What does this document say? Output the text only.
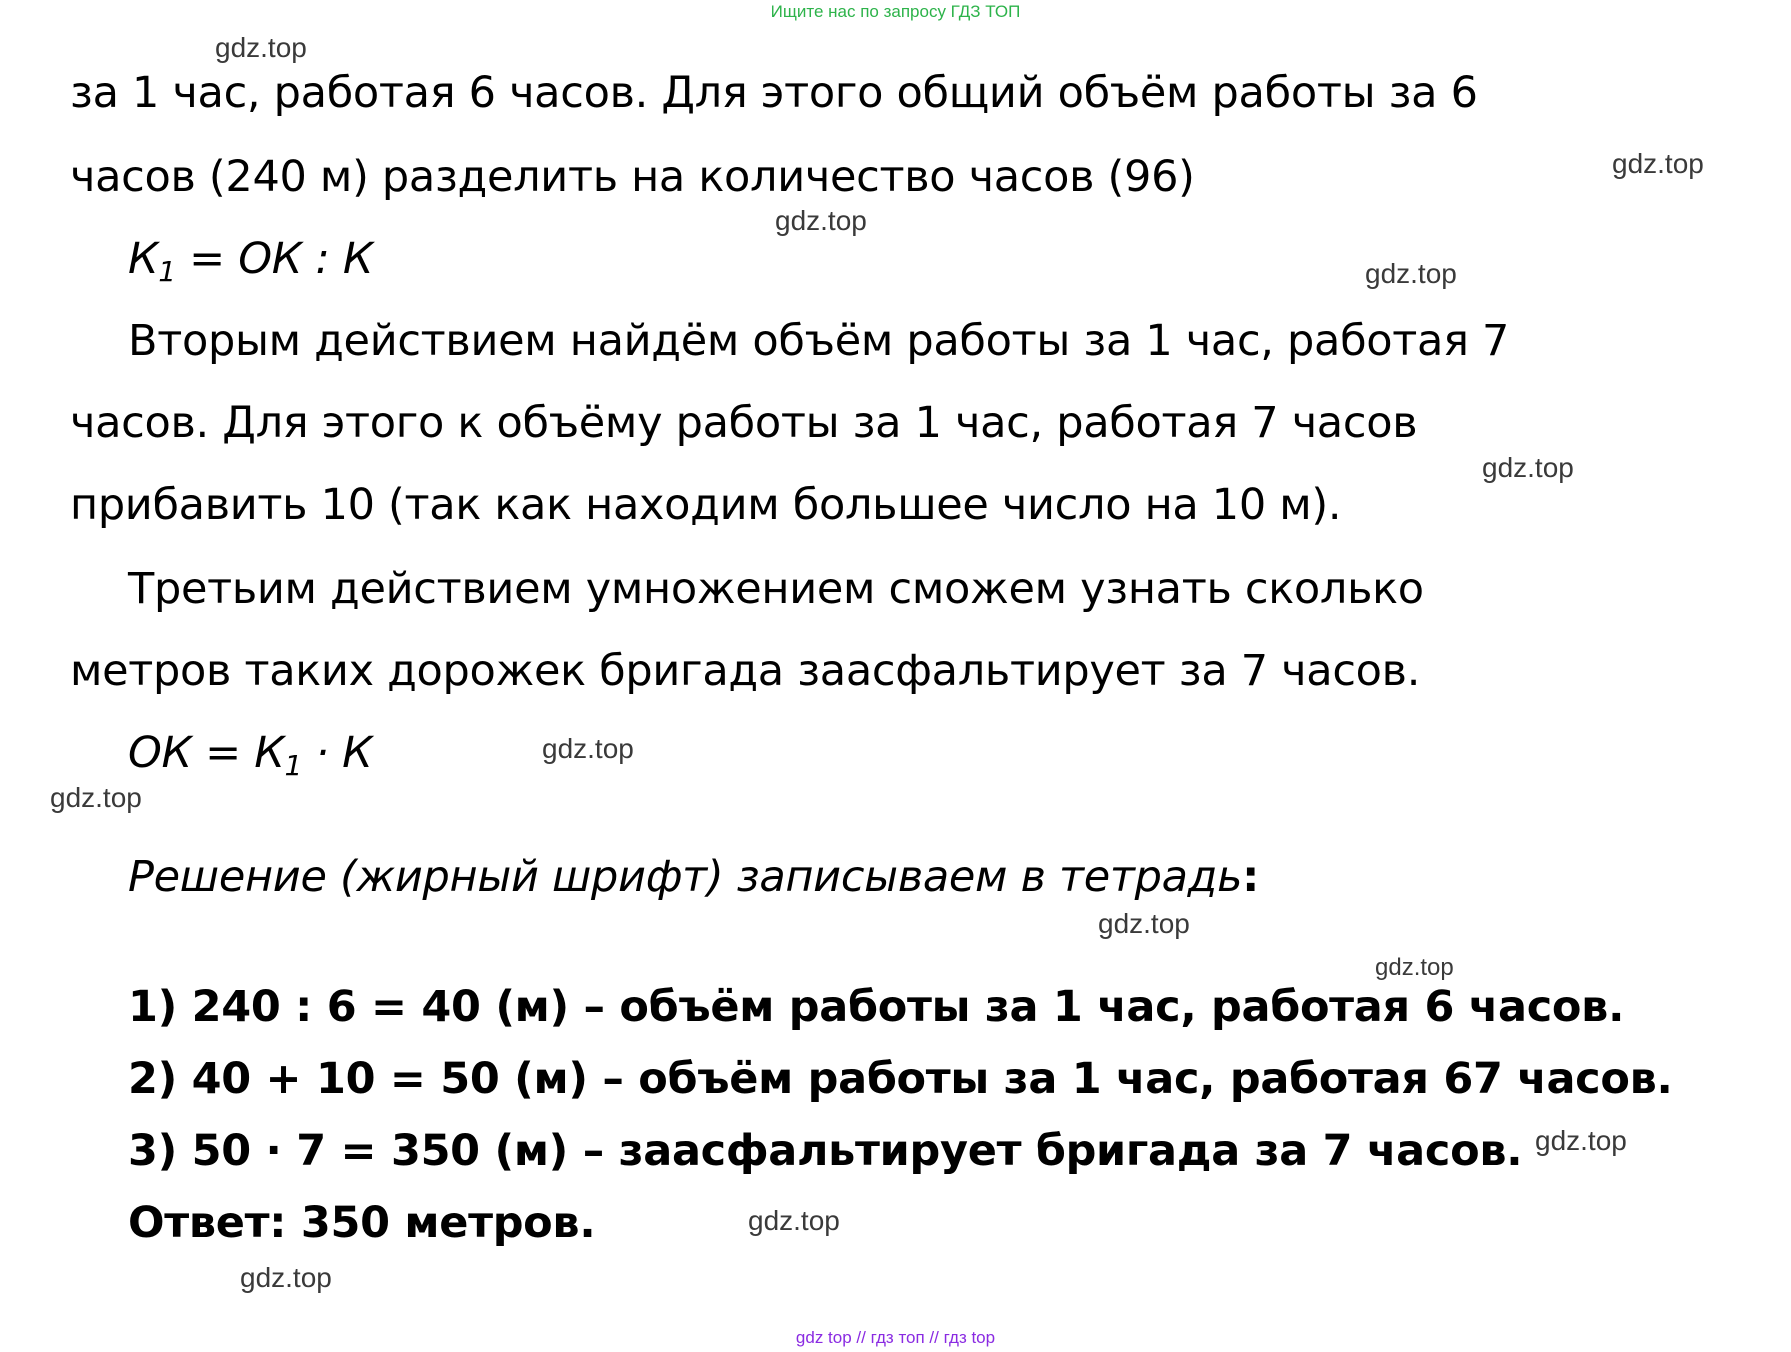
Ищите нас по запросу ГДЗ ТОП
за 1 час, работая 6 часов. Для этого общий объём работы за 6
часов (240 м) разделить на количество часов (96)
$К_1$ = ОК : К
Вторым действием найдём объём работы за 1 час, работая 7
часов. Для этого к объёму работы за 1 час, работая 7 часов
прибавить 10 (так как находим большее число на 10 м).
Третьим действием умножением сможем узнать сколько
метров таких дорожек бригада заасфальтирует за 7 часов.
ОК = $К_1 \cdot К$
Решение (жирный шрифт) записываем в тетрадь:
1) 240 : 6 = 40 (м) – объём работы за 1 час, работая 6 часов.
2) 40 + 10 = 50 (м) – объём работы за 1 час, работая 67 часов.
3) 50 · 7 = 350 (м) – заасфальтирует бригада за 7 часов.
Ответ: 350 метров.
gdz.top
gdz.top
gdz.top
gdz.top
gdz.top
gdz.top
gdz.top
gdz.top
gdz.top
gdz.top
gdz.top
gdz.top
gdz top // гдз топ // гдз top
